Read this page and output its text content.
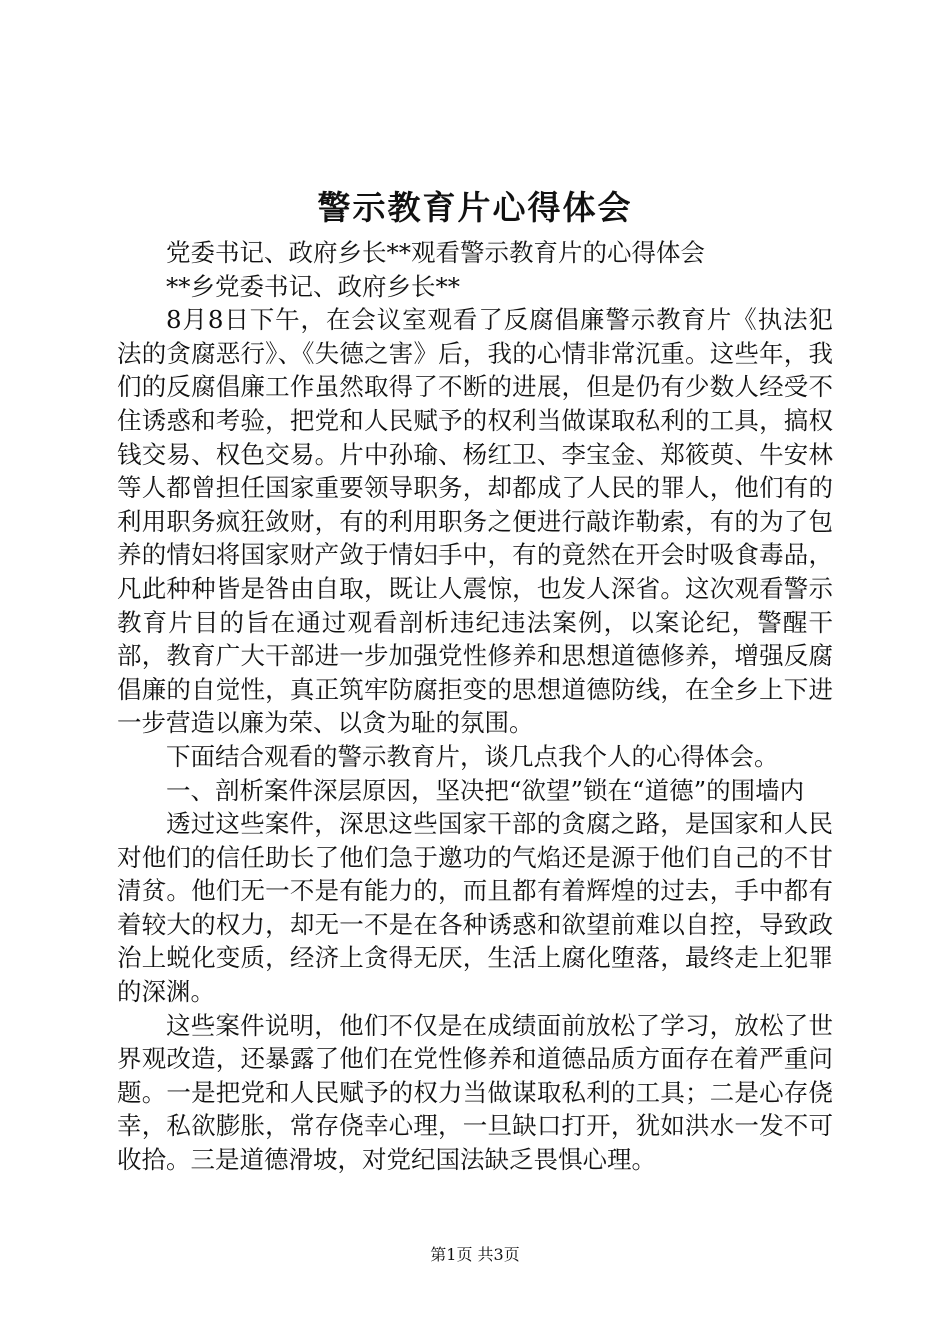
警示教育片心得体会

党委书记、政府乡长**观看警示教育片的心得体会

**乡党委书记、政府乡长**

8月8日下午，在会议室观看了反腐倡廉警示教育片《执法犯法的贪腐恶行》、《失德之害》后，我的心情非常沉重。这些年，我们的反腐倡廉工作虽然取得了不断的进展，但是仍有少数人经受不住诱惑和考验，把党和人民赋予的权利当做谋取私利的工具，搞权钱交易、权色交易。片中孙瑜、杨红卫、李宝金、郑筱萸、牛安林等人都曾担任国家重要领导职务，却都成了人民的罪人，他们有的利用职务疯狂敛财，有的利用职务之便进行敲诈勒索，有的为了包养的情妇将国家财产敛于情妇手中，有的竟然在开会时吸食毒品，凡此种种皆是咎由自取，既让人震惊，也发人深省。这次观看警示教育片目的旨在通过观看剖析违纪违法案例，以案论纪，警醒干部，教育广大干部进一步加强党性修养和思想道德修养，增强反腐倡廉的自觉性，真正筑牢防腐拒变的思想道德防线，在全乡上下进一步营造以廉为荣、以贪为耻的氛围。

下面结合观看的警示教育片，谈几点我个人的心得体会。

一、剖析案件深层原因，坚决把“欲望”锁在“道德”的围墙内

透过这些案件，深思这些国家干部的贪腐之路，是国家和人民对他们的信任助长了他们急于邀功的气焰还是源于他们自己的不甘清贫。他们无一不是有能力的，而且都有着辉煌的过去，手中都有着较大的权力，却无一不是在各种诱惑和欲望前难以自控，导致政治上蜕化变质，经济上贪得无厌，生活上腐化堕落，最终走上犯罪的深渊。

这些案件说明，他们不仅是在成绩面前放松了学习，放松了世界观改造，还暴露了他们在党性修养和道德品质方面存在着严重问题。一是把党和人民赋予的权力当做谋取私利的工具；二是心存侥幸，私欲膨胀，常存侥幸心理，一旦缺口打开，犹如洪水一发不可收拾。三是道德滑坡，对党纪国法缺乏畏惧心理。

第1页 共3页
